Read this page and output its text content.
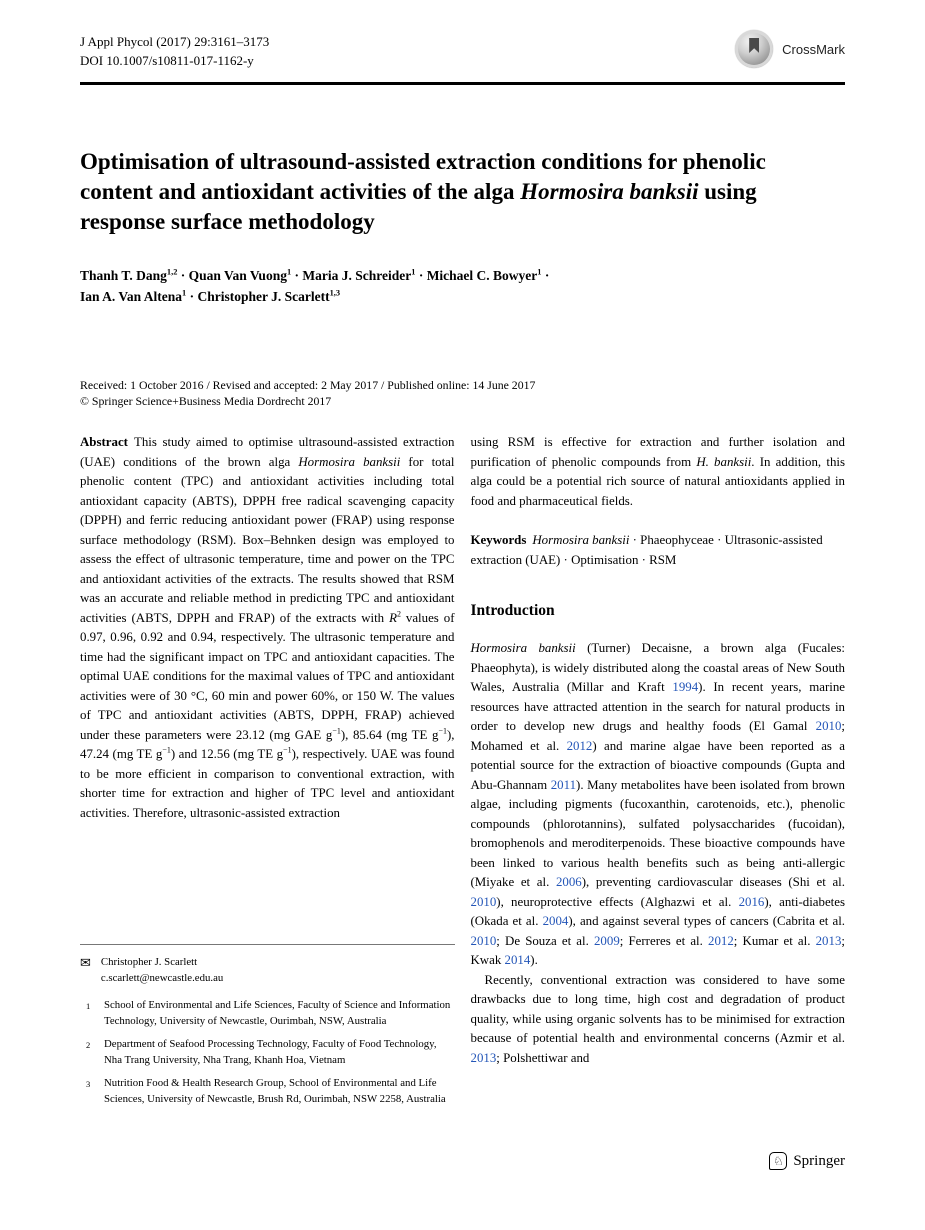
J Appl Phycol (2017) 29:3161–3173
DOI 10.1007/s10811-017-1162-y
CrossMark
Optimisation of ultrasound-assisted extraction conditions for phenolic content and antioxidant activities of the alga Hormosira banksii using response surface methodology
Thanh T. Dang$^{1,2}$ · Quan Van Vuong$^1$ · Maria J. Schreider$^1$ · Michael C. Bowyer$^1$ ·
Ian A. Van Altena$^1$ · Christopher J. Scarlett$^{1,3}$
Received: 1 October 2016 / Revised and accepted: 2 May 2017 / Published online: 14 June 2017
© Springer Science+Business Media Dordrecht 2017

Abstract This study aimed to optimise ultrasound-assisted extraction (UAE) conditions of the brown alga Hormosira banksii for total phenolic content (TPC) and antioxidant activities including total antioxidant capacity (ABTS), DPPH free radical scavenging capacity (DPPH) and ferric reducing antioxidant power (FRAP) using response surface methodology (RSM). Box–Behnken design was employed to assess the effect of ultrasonic temperature, time and power on the TPC and antioxidant activities of the extracts. The results showed that RSM was an accurate and reliable method in predicting TPC and antioxidant activities (ABTS, DPPH and FRAP) of the extracts with $R^2$ values of 0.97, 0.96, 0.92 and 0.94, respectively. The ultrasonic temperature and time had the significant impact on TPC and antioxidant capacities. The optimal UAE conditions for the maximal values of TPC and antioxidant activities were of 30 °C, 60 min and power 60%, or 150 W. The values of TPC and antioxidant activities (ABTS, DPPH, FRAP) achieved under these parameters were 23.12 (mg GAE $g^{-1}$), 85.64 (mg TE $g^{-1}$), 47.24 (mg TE $g^{-1}$) and 12.56 (mg TE $g^{-1}$), respectively. UAE was found to be more efficient in comparison to conventional extraction, with shorter time for extraction and higher of TPC level and antioxidant activities. Therefore, ultrasonic-assisted extraction

✉ Christopher J. Scarlett
c.scarlett@newcastle.edu.au
1	School of Environmental and Life Sciences, Faculty of Science and Information Technology, University of Newcastle, Ourimbah, NSW, Australia
2	Department of Seafood Processing Technology, Faculty of Food Technology, Nha Trang University, Nha Trang, Khanh Hoa, Vietnam
3	Nutrition Food & Health Research Group, School of Environmental and Life Sciences, University of Newcastle, Brush Rd, Ourimbah, NSW 2258, Australia

using RSM is effective for extraction and further isolation and purification of phenolic compounds from H. banksii. In addition, this alga could be a potential rich source of natural antioxidants applied in food and pharmaceutical fields.

Keywords Hormosira banksii · Phaeophyceae · Ultrasonic-assisted extraction (UAE) · Optimisation · RSM

Introduction

Hormosira banksii (Turner) Decaisne, a brown alga (Fucales: Phaeophyta), is widely distributed along the coastal areas of New South Wales, Australia (Millar and Kraft 1994). In recent years, marine resources have attracted attention in the search for natural products in order to develop new drugs and healthy foods (El Gamal 2010; Mohamed et al. 2012) and marine algae have been reported as a potential source for the extraction of bioactive compounds (Gupta and Abu-Ghannam 2011). Many metabolites have been isolated from brown algae, including pigments (fucoxanthin, carotenoids, etc.), phenolic compounds (phlorotannins), sulfated polysaccharides (fucoidan), bromophenols and meroditerpenoids. These bioactive compounds have been linked to various health benefits such as being anti-allergic (Miyake et al. 2006), preventing cardiovascular diseases (Shi et al. 2010), neuroprotective effects (Alghazwi et al. 2016), anti-diabetes (Okada et al. 2004), and against several types of cancers (Cabrita et al. 2010; De Souza et al. 2009; Ferreres et al. 2012; Kumar et al. 2013; Kwak 2014).

Recently, conventional extraction was considered to have some drawbacks due to long time, high cost and degradation of product quality, while using organic solvents has to be minimised for extraction because of potential health and environmental concerns (Azmir et al. 2013; Polshettiwar and

♘ Springer
